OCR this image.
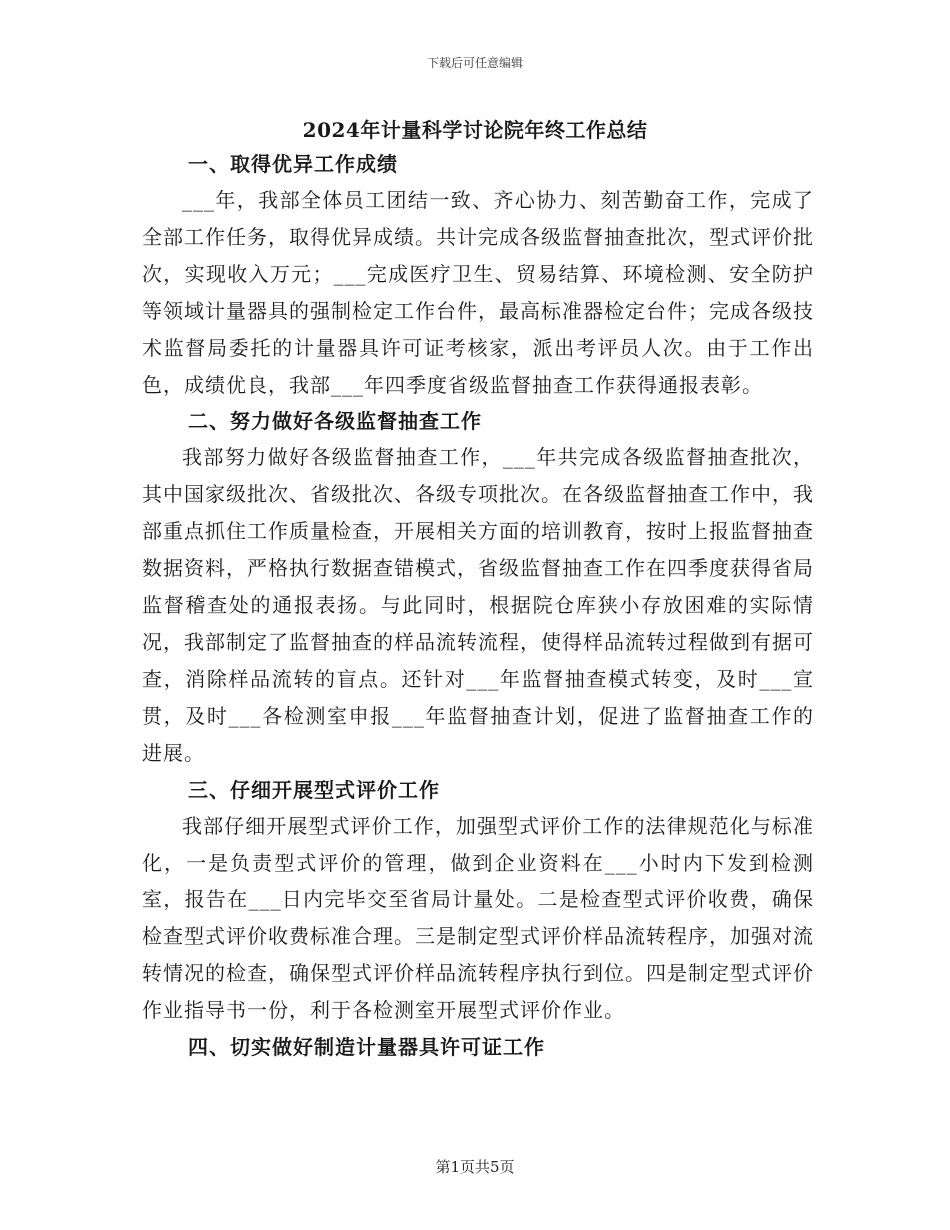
下载后可任意编辑
2024年计量科学讨论院年终工作总结
一、取得优异工作成绩

___年，我部全体员工团结一致、齐心协力、刻苦勤奋工作，完成了全部工作任务，取得优异成绩。共计完成各级监督抽查批次，型式评价批次，实现收入万元；___完成医疗卫生、贸易结算、环境检测、安全防护等领域计量器具的强制检定工作台件，最高标准器检定台件；完成各级技术监督局委托的计量器具许可证考核家，派出考评员人次。由于工作出色，成绩优良，我部___年四季度省级监督抽查工作获得通报表彰。

二、努力做好各级监督抽查工作

我部努力做好各级监督抽查工作，___年共完成各级监督抽查批次，其中国家级批次、省级批次、各级专项批次。在各级监督抽查工作中，我部重点抓住工作质量检查，开展相关方面的培训教育，按时上报监督抽查数据资料，严格执行数据查错模式，省级监督抽查工作在四季度获得省局监督稽查处的通报表扬。与此同时，根据院仓库狭小存放困难的实际情况，我部制定了监督抽查的样品流转流程，使得样品流转过程做到有据可查，消除样品流转的盲点。还针对___年监督抽查模式转变，及时___宣贯，及时___各检测室申报___年监督抽查计划，促进了监督抽查工作的进展。

三、仔细开展型式评价工作

我部仔细开展型式评价工作，加强型式评价工作的法律规范化与标准化，一是负责型式评价的管理，做到企业资料在___小时内下发到检测室，报告在___日内完毕交至省局计量处。二是检查型式评价收费，确保检查型式评价收费标准合理。三是制定型式评价样品流转程序，加强对流转情况的检查，确保型式评价样品流转程序执行到位。四是制定型式评价作业指导书一份，利于各检测室开展型式评价作业。

四、切实做好制造计量器具许可证工作
第1页共5页
